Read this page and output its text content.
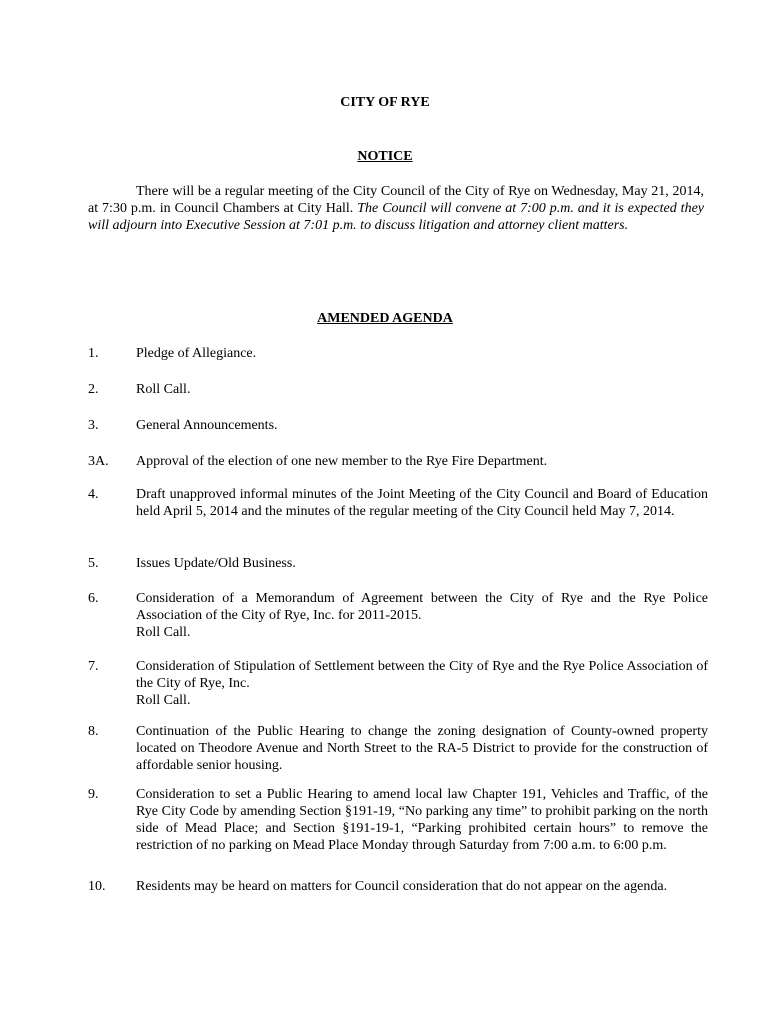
CITY OF RYE
NOTICE

There will be a regular meeting of the City Council of the City of Rye on Wednesday, May 21, 2014, at 7:30 p.m. in Council Chambers at City Hall. The Council will convene at 7:00 p.m. and it is expected they will adjourn into Executive Session at 7:01 p.m. to discuss litigation and attorney client matters.

AMENDED AGENDA
1.	Pledge of Allegiance.
2.	Roll Call.
3.	General Announcements.
3A. Approval of the election of one new member to the Rye Fire Department.
4.	Draft unapproved informal minutes of the Joint Meeting of the City Council and Board of Education held April 5, 2014 and the minutes of the regular meeting of the City Council held May 7, 2014.
5.	Issues Update/Old Business.
6.	Consideration of a Memorandum of Agreement between the City of Rye and the Rye Police Association of the City of Rye, Inc. for 2011-2015.
Roll Call.
7.	Consideration of Stipulation of Settlement between the City of Rye and the Rye Police Association of the City of Rye, Inc.
Roll Call.
8.	Continuation of the Public Hearing to change the zoning designation of County-owned property located on Theodore Avenue and North Street to the RA-5 District to provide for the construction of affordable senior housing.
9.	Consideration to set a Public Hearing to amend local law Chapter 191, Vehicles and Traffic, of the Rye City Code by amending Section §191-19, “No parking any time” to prohibit parking on the north side of Mead Place; and Section §191-19-1, “Parking prohibited certain hours” to remove the restriction of no parking on Mead Place Monday through Saturday from 7:00 a.m. to 6:00 p.m.
10. Residents may be heard on matters for Council consideration that do not appear on the agenda.
